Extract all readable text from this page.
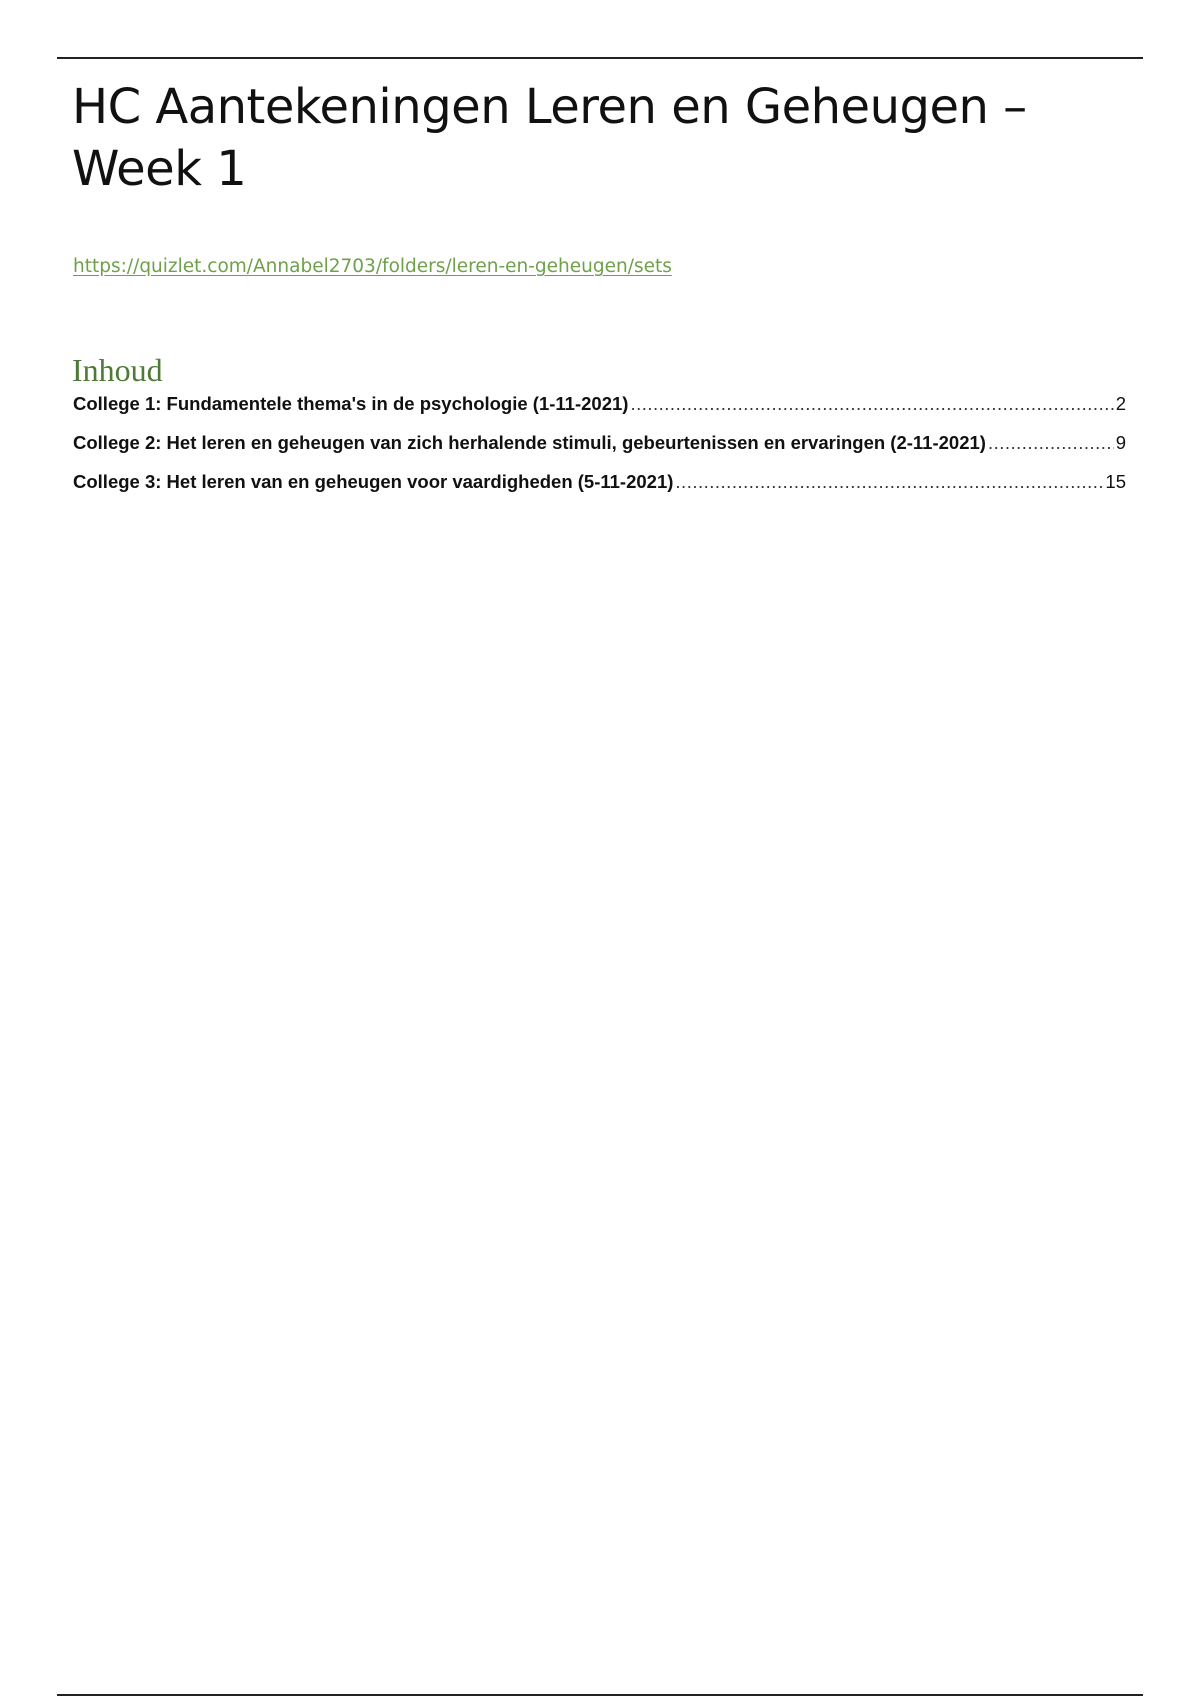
HC Aantekeningen Leren en Geheugen – Week 1
https://quizlet.com/Annabel2703/folders/leren-en-geheugen/sets
Inhoud
College 1: Fundamentele thema's in de psychologie (1-11-2021) .....	2
College 2: Het leren en geheugen van zich herhalende stimuli, gebeurtenissen en ervaringen (2-11-2021) .....	9
College 3: Het leren van en geheugen voor vaardigheden (5-11-2021) .....	15
